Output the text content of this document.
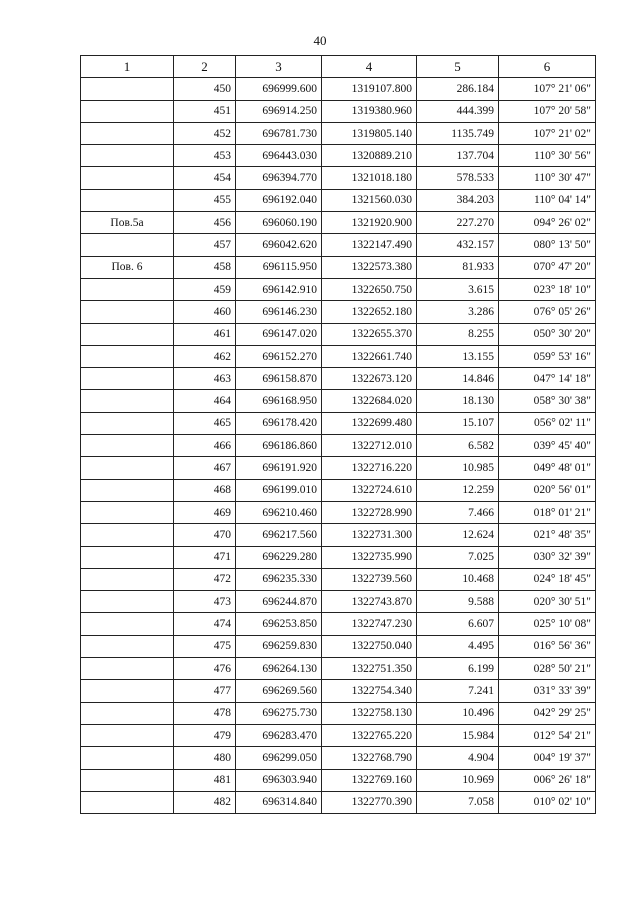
40
1	2	3	4	5	6
	450	696999.600	1319107.800	286.184	107° 21' 06"
	451	696914.250	1319380.960	444.399	107° 20' 58"
	452	696781.730	1319805.140	1135.749	107° 21' 02"
	453	696443.030	1320889.210	137.704	110° 30' 56"
	454	696394.770	1321018.180	578.533	110° 30' 47"
	455	696192.040	1321560.030	384.203	110° 04' 14"
Пов.5а	456	696060.190	1321920.900	227.270	094° 26' 02"
	457	696042.620	1322147.490	432.157	080° 13' 50"
Пов. 6	458	696115.950	1322573.380	81.933	070° 47' 20"
	459	696142.910	1322650.750	3.615	023° 18' 10"
	460	696146.230	1322652.180	3.286	076° 05' 26"
	461	696147.020	1322655.370	8.255	050° 30' 20"
	462	696152.270	1322661.740	13.155	059° 53' 16"
	463	696158.870	1322673.120	14.846	047° 14' 18"
	464	696168.950	1322684.020	18.130	058° 30' 38"
	465	696178.420	1322699.480	15.107	056° 02' 11"
	466	696186.860	1322712.010	6.582	039° 45' 40"
	467	696191.920	1322716.220	10.985	049° 48' 01"
	468	696199.010	1322724.610	12.259	020° 56' 01"
	469	696210.460	1322728.990	7.466	018° 01' 21"
	470	696217.560	1322731.300	12.624	021° 48' 35"
	471	696229.280	1322735.990	7.025	030° 32' 39"
	472	696235.330	1322739.560	10.468	024° 18' 45"
	473	696244.870	1322743.870	9.588	020° 30' 51"
	474	696253.850	1322747.230	6.607	025° 10' 08"
	475	696259.830	1322750.040	4.495	016° 56' 36"
	476	696264.130	1322751.350	6.199	028° 50' 21"
	477	696269.560	1322754.340	7.241	031° 33' 39"
	478	696275.730	1322758.130	10.496	042° 29' 25"
	479	696283.470	1322765.220	15.984	012° 54' 21"
	480	696299.050	1322768.790	4.904	004° 19' 37"
	481	696303.940	1322769.160	10.969	006° 26' 18"
	482	696314.840	1322770.390	7.058	010° 02' 10"
